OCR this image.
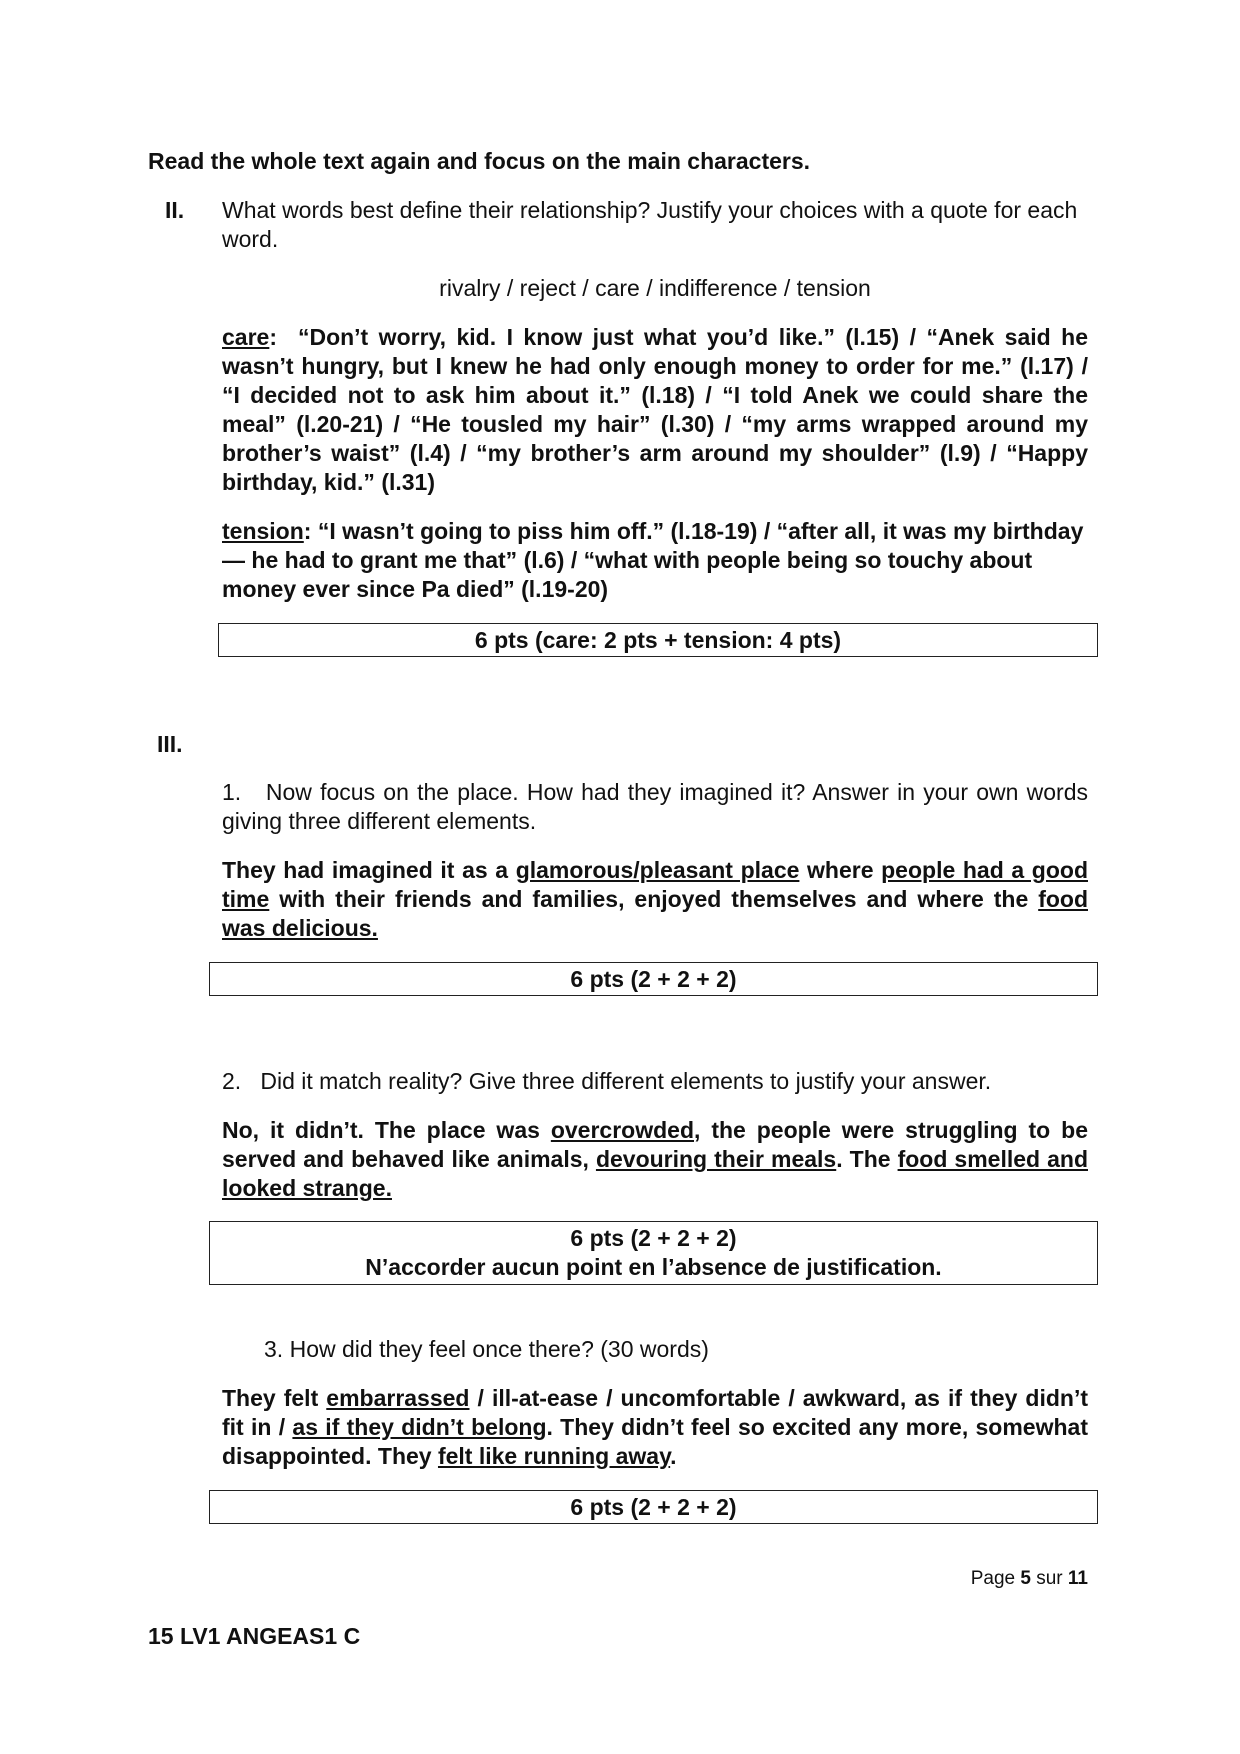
Read the whole text again and focus on the main characters.
II. What words best define their relationship? Justify your choices with a quote for each word.
rivalry / reject / care / indifference / tension
care: “Don’t worry, kid. I know just what you’d like.” (l.15) / “Anek said he wasn’t hungry, but I knew he had only enough money to order for me.” (l.17) / “I decided not to ask him about it.” (l.18) / “I told Anek we could share the meal” (l.20-21) / “He tousled my hair” (l.30) / “my arms wrapped around my brother’s waist” (l.4) / “my brother’s arm around my shoulder” (l.9) / “Happy birthday, kid.” (l.31)
tension: “I wasn’t going to piss him off.” (l.18-19) / “after all, it was my birthday — he had to grant me that” (l.6) / “what with people being so touchy about money ever since Pa died” (l.19-20)
6 pts (care: 2 pts + tension: 4 pts)
III.
1. Now focus on the place. How had they imagined it? Answer in your own words giving three different elements.
They had imagined it as a glamorous/pleasant place where people had a good time with their friends and families, enjoyed themselves and where the food was delicious.
6 pts (2 + 2 + 2)
2. Did it match reality? Give three different elements to justify your answer.
No, it didn’t. The place was overcrowded, the people were struggling to be served and behaved like animals, devouring their meals. The food smelled and looked strange.
6 pts (2 + 2 + 2)
N’accorder aucun point en l’absence de justification.
3. How did they feel once there? (30 words)
They felt embarrassed / ill-at-ease / uncomfortable / awkward, as if they didn’t fit in / as if they didn’t belong. They didn’t feel so excited any more, somewhat disappointed. They felt like running away.
6 pts (2 + 2 + 2)
Page 5 sur 11
15 LV1 ANGEAS1 C
